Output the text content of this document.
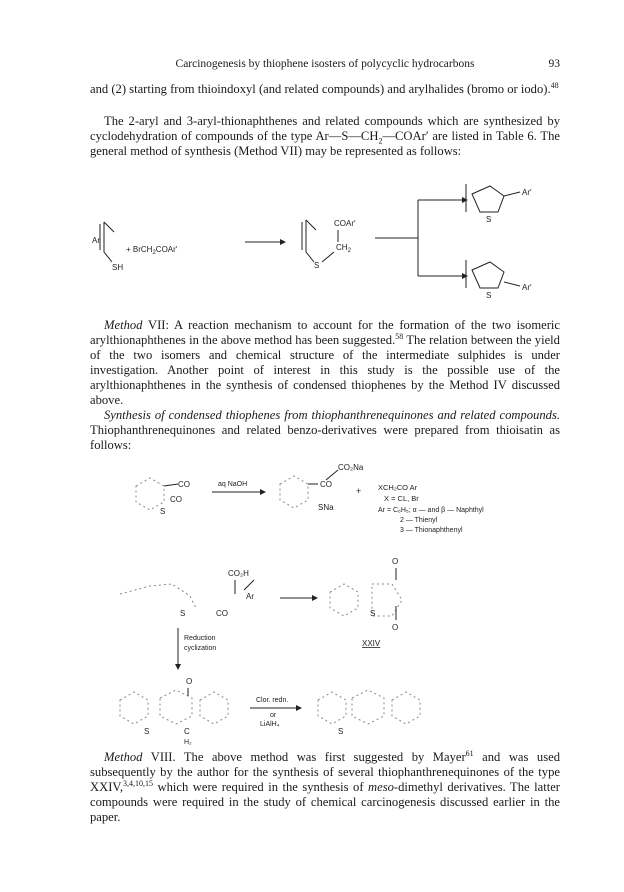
Carcinogenesis by thiophene isosters of polycyclic hydrocarbons	93

and (2) starting from thioindoxyl (and related compounds) and arylhalides (bromo or iodo).$^{48}$

The 2-aryl and 3-aryl-thionaphthenes and related compounds which are synthesized by cyclodehydration of compounds of the type $Ar—S—CH_2—COAr'$ are listed in Table 6. The general method of synthesis (Method VII) may be represented as follows:

Ar
SH
+ BrCH$_2$COAr′
COAr′
$CH_2$
S
Ar′
S
Ar′
S

Method VII: A reaction mechanism to account for the formation of the two isomeric arylthionaphthenes in the above method has been suggested.$^{58}$ The relation between the yield of the two isomers and chemical structure of the intermediate sulphides is under investigation. Another point of interest in this study is the possible use of the arylthionaphthenes in the synthesis of condensed thiophenes by the Method IV discussed above.

Synthesis of condensed thiophenes from thiophanthrenequinones and related compounds. Thiophanthrenequinones and related benzo-derivatives were prepared from thioisatin as follows:

CO
CO
S
aq NaOH	CO
CO₂Na
SNa
+ XCH₂CO Ar
X = CL, Br
Ar = C₆H₅; α — and β — Naphthyl
2 — Thienyl
3 — Thionaphthenyl
CO₂H
Ar
S	CO
O
O
S
XXIV
Reduction
cyclization
O
S	C
H₂
Clor. redn.
or
LiAlH₄
S

Method VIII. The above method was first suggested by Mayer$^{61}$ and was used subsequently by the author for the synthesis of several thiophanthrenequinones of the type XXIV,$^{3,4,10,15}$ which were required in the synthesis of meso-dimethyl derivatives. The latter compounds were required in the study of chemical carcinogenesis discussed earlier in the paper.
